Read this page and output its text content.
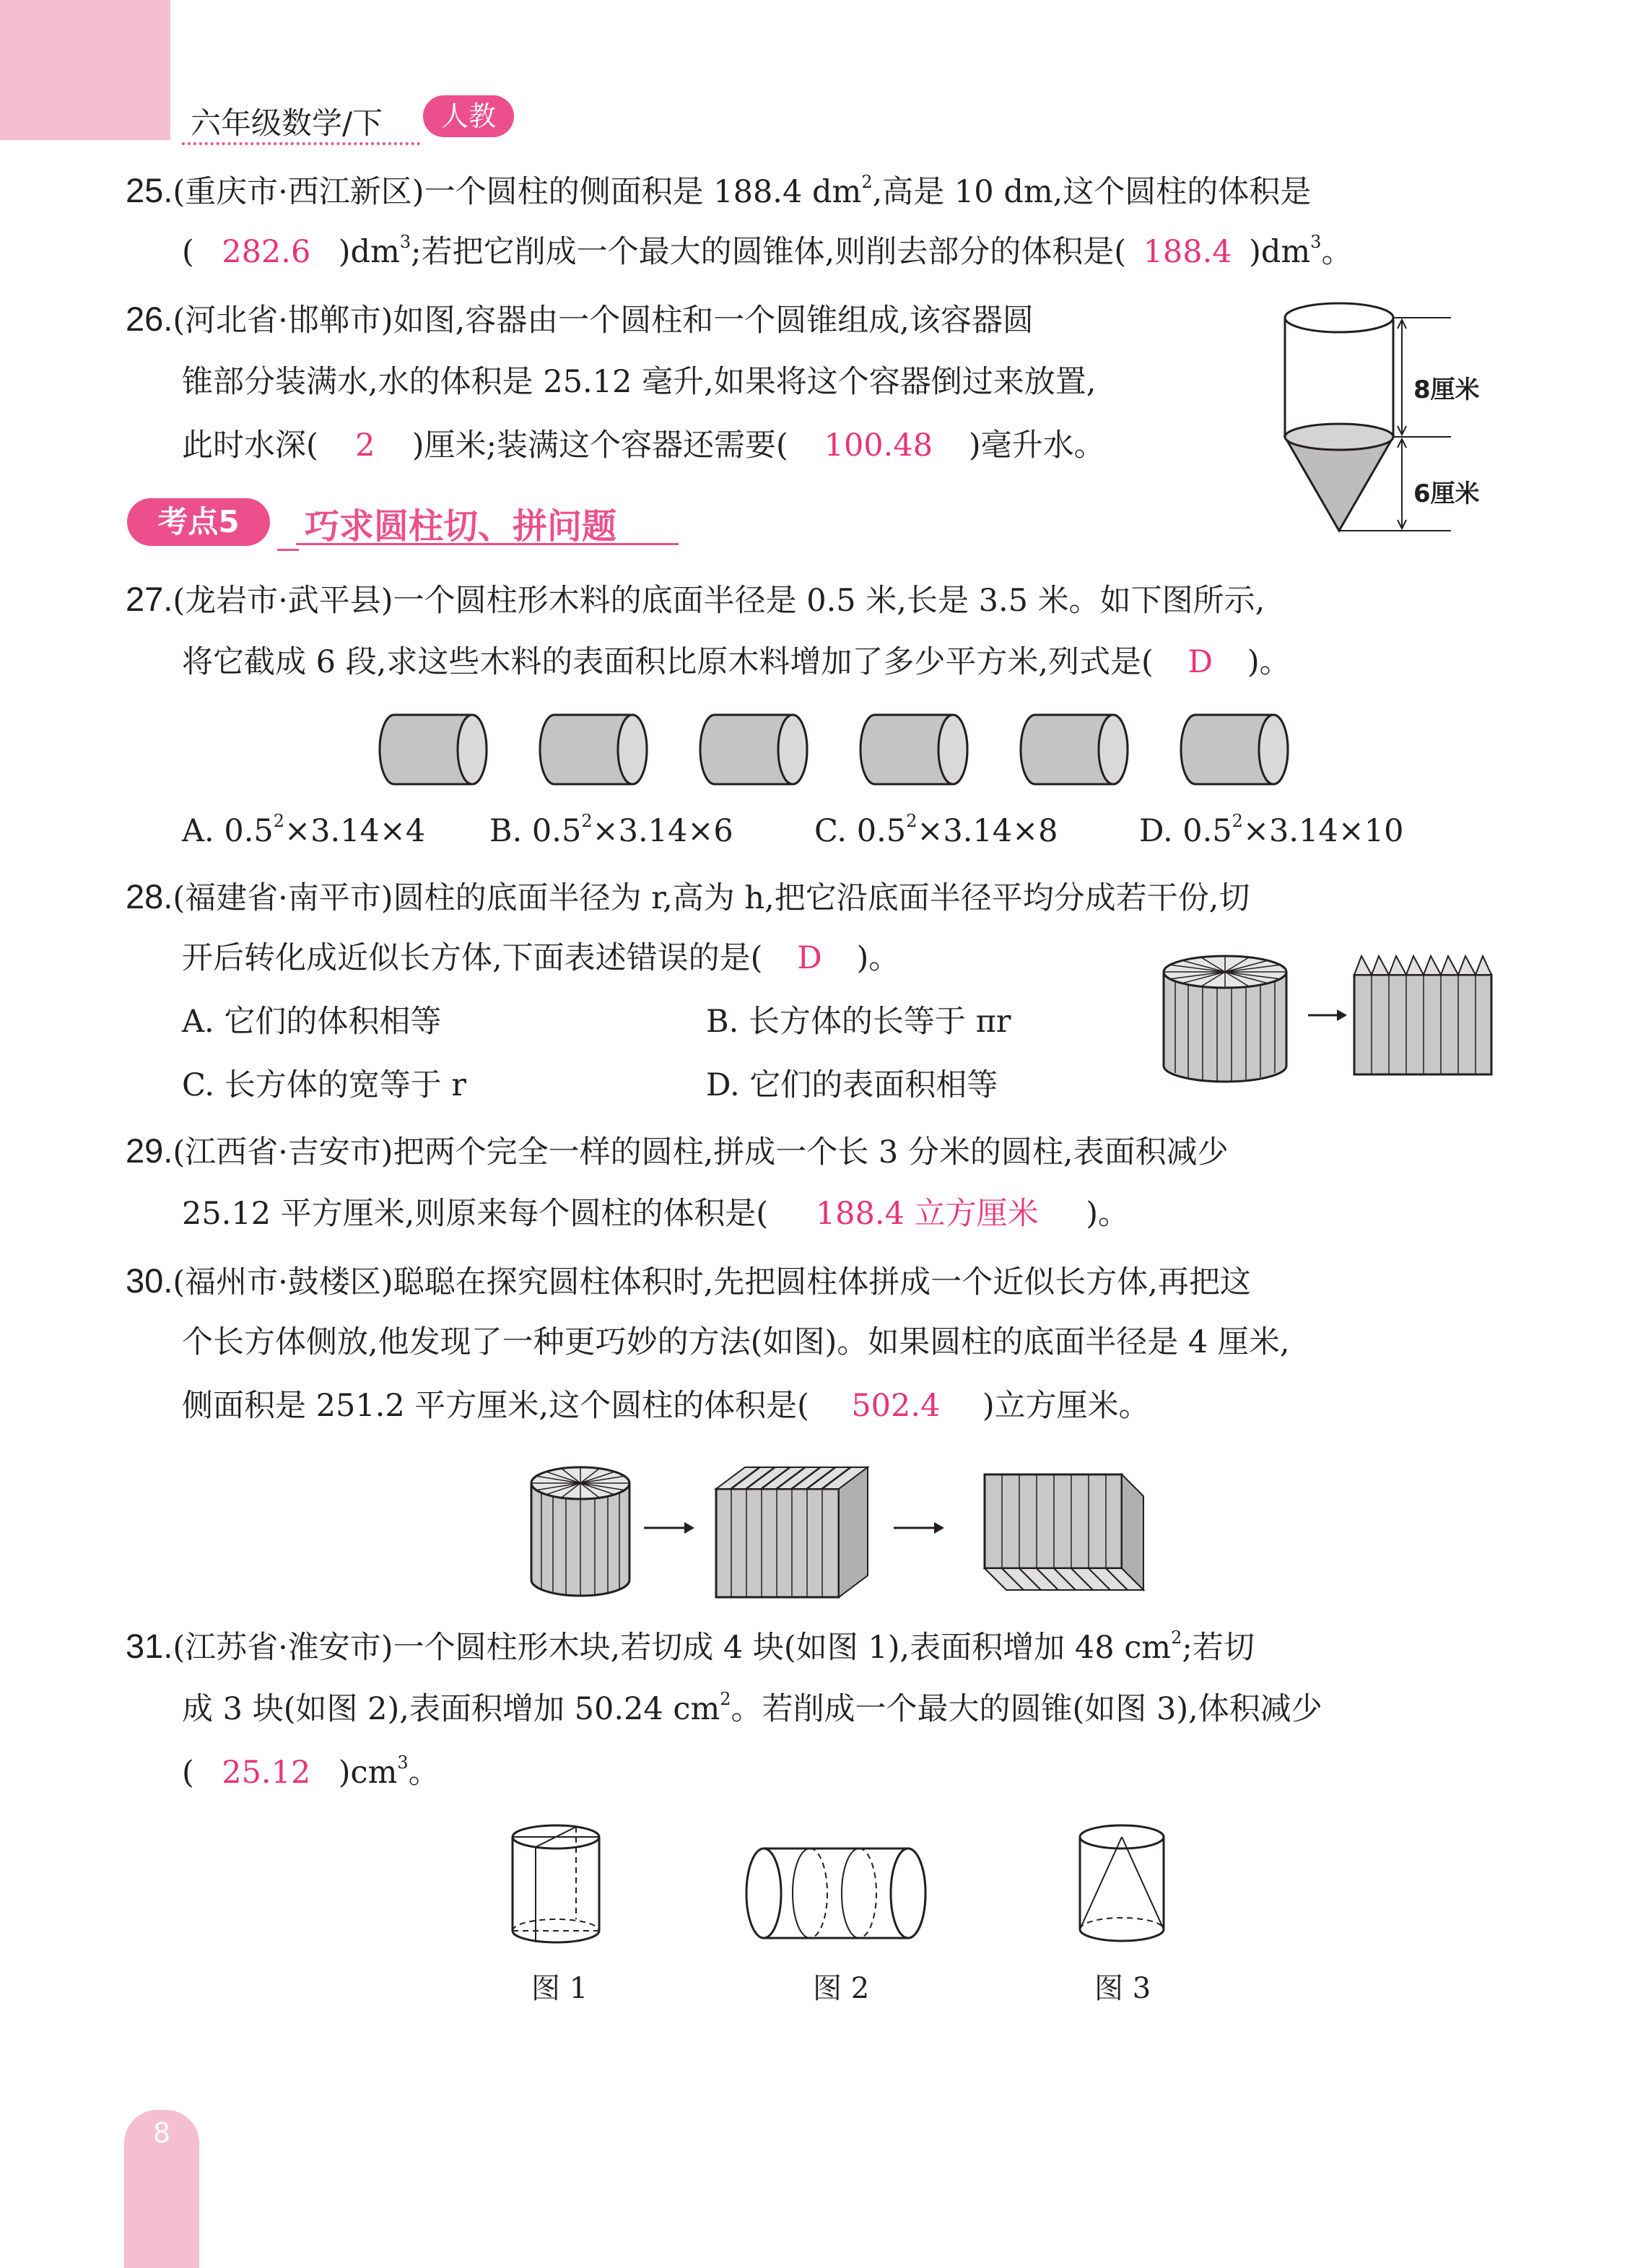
六年级数学/下	人教
25.(重庆市·西江新区)一个圆柱的侧面积是 188.4 $dm^2$,高是 10 dm,这个圆柱的体积是
( 282.6 )$dm^3$;若把它削成一个最大的圆锥体,则削去部分的体积是( 188.4 )$dm^3$。
26.(河北省·邯郸市)如图,容器由一个圆柱和一个圆锥组成,该容器圆
锥部分装满水,水的体积是 25.12 毫升,如果将这个容器倒过来放置,
此时水深( 2 )厘米;装满这个容器还需要( 100.48 )毫升水。
8厘米
6厘米
考点5	巧求圆柱切、拼问题
27.(龙岩市·武平县)一个圆柱形木料的底面半径是 0.5 米,长是 3.5 米。如下图所示,
将它截成 6 段,求这些木料的表面积比原木料增加了多少平方米,列式是( D )。
A. $0.5^2\times 3.14\times 4$ B. $0.5^2\times 3.14\times 6$	C. $0.5^2\times 3.14\times 8$	D. $0.5^2\times 3.14\times 10$
28.(福建省·南平市)圆柱的底面半径为 r,高为 h,把它沿底面半径平均分成若干份,切
开后转化成近似长方体,下面表述错误的是( D )。
A. 它们的体积相等	B. 长方体的长等于 πr
C. 长方体的宽等于 r	D. 它们的表面积相等
29.(江西省·吉安市)把两个完全一样的圆柱,拼成一个长 3 分米的圆柱,表面积减少
25.12 平方厘米,则原来每个圆柱的体积是( 188.4 立方厘米 )。
30.(福州市·鼓楼区)聪聪在探究圆柱体积时,先把圆柱体拼成一个近似长方体,再把这
个长方体侧放,他发现了一种更巧妙的方法(如图)。如果圆柱的底面半径是 4 厘米,
侧面积是 251.2 平方厘米,这个圆柱的体积是( 502.4 )立方厘米。
31.(江苏省·淮安市)一个圆柱形木块,若切成 4 块(如图 1),表面积增加 48 $cm^2$;若切
成 3 块(如图 2),表面积增加 50.24 $cm^2$。若削成一个最大的圆锥(如图 3),体积减少
( 25.12 )$cm^3$。
图 1	图 2	图 3
8
